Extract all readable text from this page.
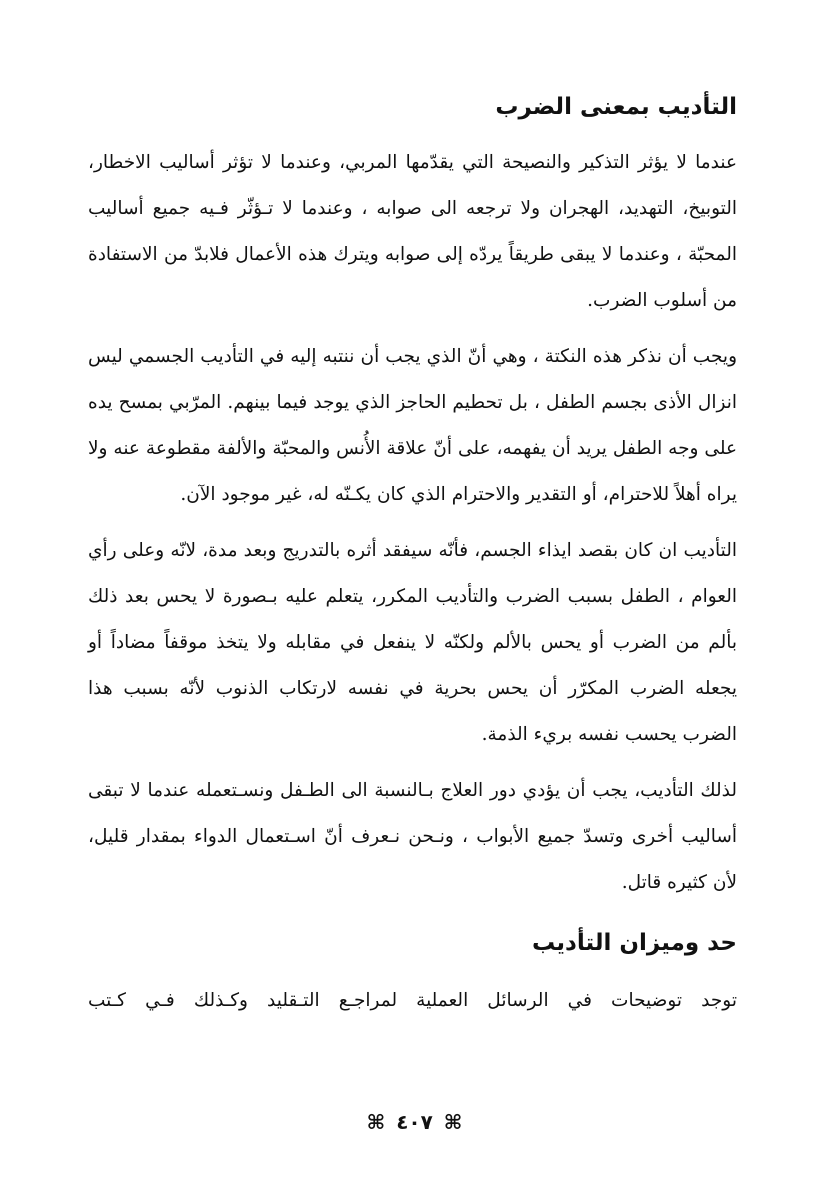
التأديب بمعنى الضرب

عندما لا يؤثر التذكير والنصيحة التي يقدّمها المربي، وعندما لا تؤثر أساليب الاخطار، التوبيخ، التهديد، الهجران ولا ترجعه الى صوابه ، وعندما لا تـؤثّر فـيه جميع أساليب المحبّة ، وعندما لا يبقى طريقاً يردّه إلى صوابه ويترك هذه الأعمال فلابدّ من الاستفادة من أسلوب الضرب.

ويجب أن نذكر هذه النكتة ، وهي أنّ الذي يجب أن ننتبه إليه في التأديب الجسمي ليس انزال الأذى بجسم الطفل ، بل تحطيم الحاجز الذي يوجد فيما بينهم. المرّبي بمسح يده على وجه الطفل يريد أن يفهمه، على أنّ علاقة الأُنس والمحبّة والألفة مقطوعة عنه ولا يراه أهلاً للاحترام، أو التقدير والاحترام الذي كان يكـنّه له، غير موجود الآن.

التأديب ان كان بقصد ايذاء الجسم، فأنّه سيفقد أثره بالتدريج وبعد مدة، لانّه وعلى رأي العوام ، الطفل بسبب الضرب والتأديب المكرر، يتعلم عليه بـصورة لا يحس بعد ذلك بألم من الضرب أو يحس بالألم ولكنّه لا ينفعل في مقابله ولا يتخذ موقفاً مضاداً أو يجعله الضرب المكرّر أن يحس بحرية في نفسه لارتكاب الذنوب لأنّه بسبب هذا الضرب يحسب نفسه بريء الذمة.

لذلك التأديب، يجب أن يؤدي دور العلاج بـالنسبة الى الطـفل ونسـتعمله عندما لا تبقى أساليب أخرى وتسدّ جميع الأبواب ، ونـحن نـعرف أنّ اسـتعمال الدواء بمقدار قليل، لأن كثيره قاتل.

حد وميزان التأديب

توجد توضيحات في الرسائل العملية لمراجـع التـقليد وكـذلك فـي كـتب

⌘ ٤٠٧ ⌘
